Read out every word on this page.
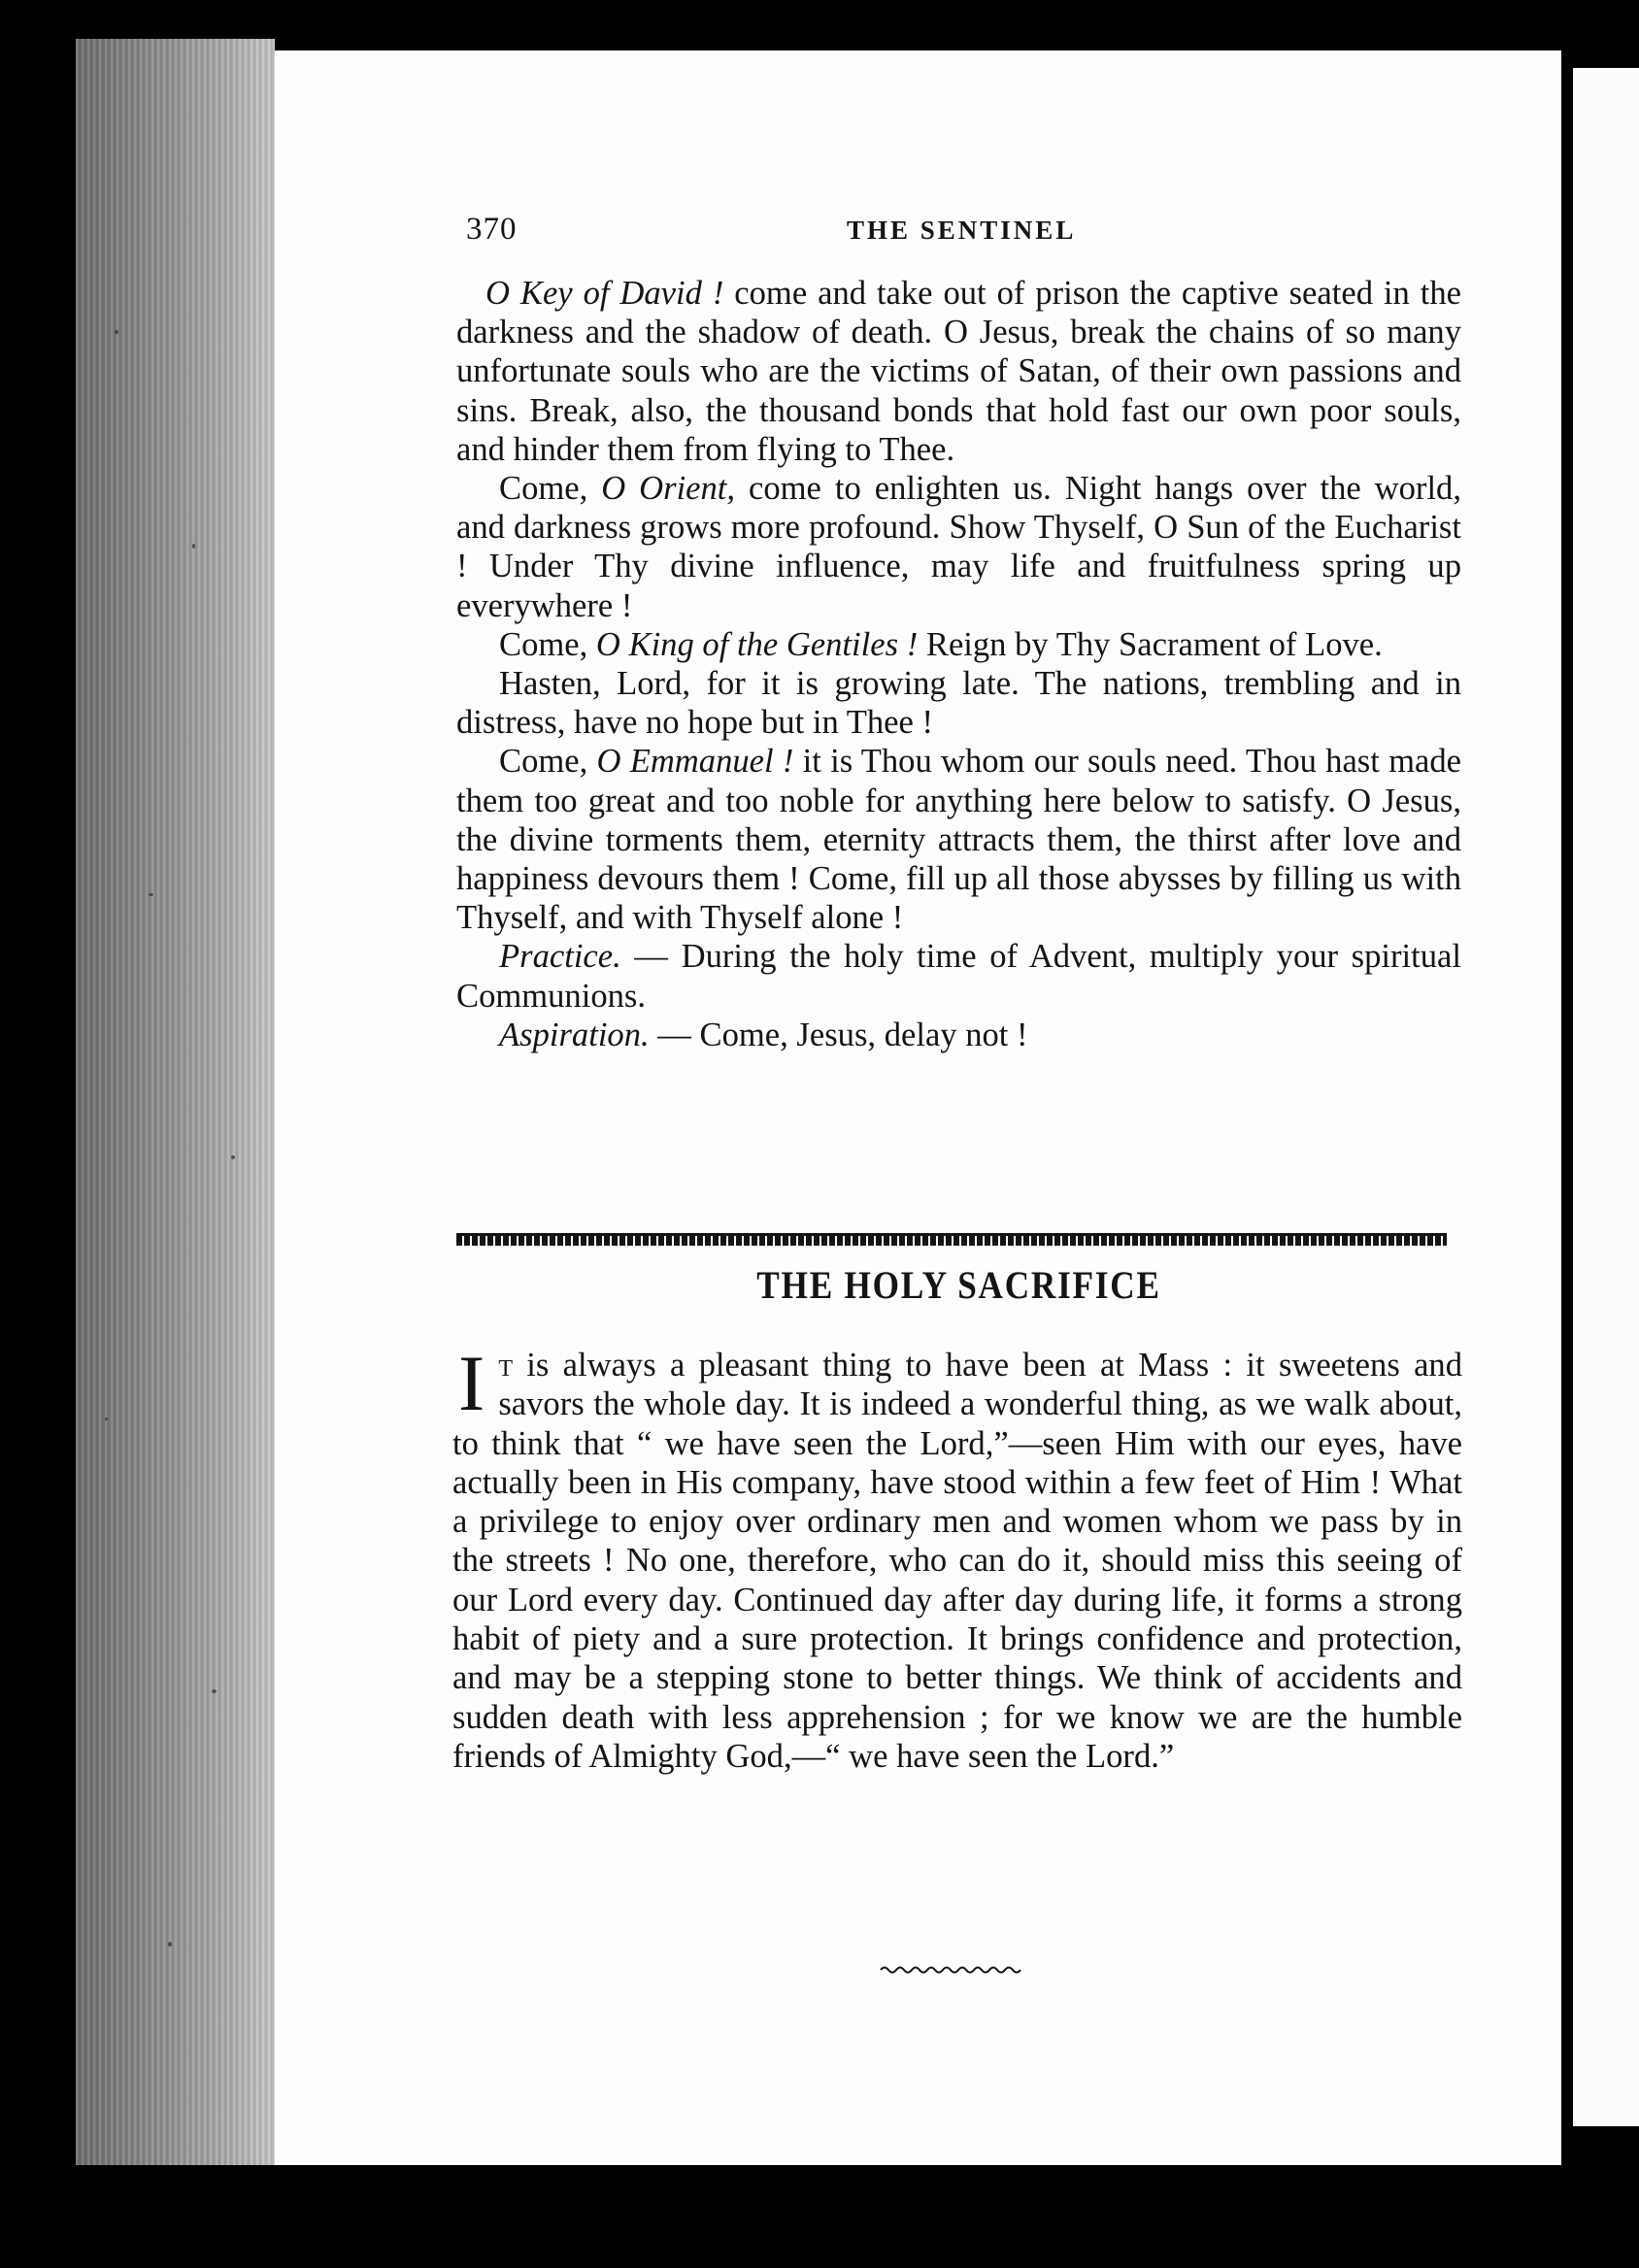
370	THE SENTINEL

O Key of David ! come and take out of prison the captive seated in the darkness and the shadow of death. O Jesus, break the chains of so many unfortunate souls who are the victims of Satan, of their own passions and sins. Break, also, the thousand bonds that hold fast our own poor souls, and hinder them from flying to Thee.

Come, O Orient, come to enlighten us. Night hangs over the world, and darkness grows more profound. Show Thyself, O Sun of the Eucharist ! Under Thy divine influence, may life and fruitfulness spring up everywhere !

Come, O King of the Gentiles ! Reign by Thy Sacrament of Love.

Hasten, Lord, for it is growing late. The nations, trembling and in distress, have no hope but in Thee !

Come, O Emmanuel ! it is Thou whom our souls need. Thou hast made them too great and too noble for anything here below to satisfy. O Jesus, the divine torments them, eternity attracts them, the thirst after love and happiness devours them ! Come, fill up all those abysses by filling us with Thyself, and with Thyself alone !

Practice. — During the holy time of Advent, multiply your spiritual Communions.

Aspiration. — Come, Jesus, delay not !

THE HOLY SACRIFICE
It is always a pleasant thing to have been at Mass : it sweetens and savors the whole day. It is indeed a wonderful thing, as we walk about, to think that “ we have seen the Lord,”—seen Him with our eyes, have actually been in His company, have stood within a few feet of Him ! What a privilege to enjoy over ordinary men and women whom we pass by in the streets ! No one, therefore, who can do it, should miss this seeing of our Lord every day. Continued day after day during life, it forms a strong habit of piety and a sure protection. It brings confidence and protection, and may be a stepping stone to better things. We think of accidents and sudden death with less apprehension ; for we know we are the humble friends of Almighty God,—“ we have seen the Lord.”
